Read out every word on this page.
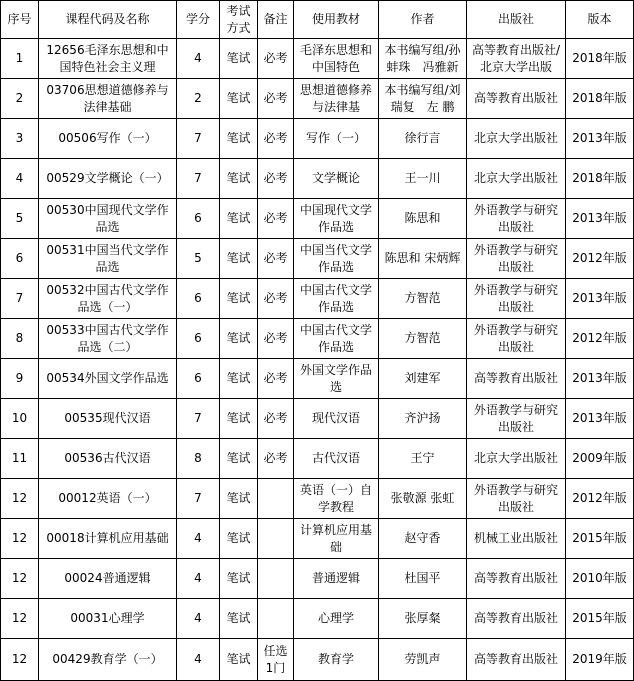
序号	课程代码及名称	学分	考试方式	备注	使用教材	作者	出版社	版本
1	12656毛泽东思想和中国特色社会主义理	4	笔试	必考	毛泽东思想和中国特色	本书编写组/孙蚌珠　冯雅新	高等教育出版社/北京大学出版	2018年版
2	03706思想道德修养与法律基础	2	笔试	必考	思想道德修养与法律基	本书编写组/刘瑞复　左 鹏	高等教育出版社	2018年版
3	00506写作（一）	7	笔试	必考	写作（一）	徐行言	北京大学出版社	2013年版
4	00529文学概论（一）	7	笔试	必考	文学概论	王一川	北京大学出版社	2018年版
5	00530中国现代文学作品选	6	笔试	必考	中国现代文学作品选	陈思和	外语教学与研究出版社	2013年版
6	00531中国当代文学作品选	5	笔试	必考	中国当代文学作品选	陈思和 宋炳辉	外语教学与研究出版社	2012年版
7	00532中国古代文学作品选（一）	6	笔试	必考	中国古代文学作品选	方智范	外语教学与研究出版社	2013年版
8	00533中国古代文学作品选（二）	6	笔试	必考	中国古代文学作品选	方智范	外语教学与研究出版社	2012年版
9	00534外国文学作品选	6	笔试	必考	外国文学作品选	刘建军	高等教育出版社	2013年版
10	00535现代汉语	7	笔试	必考	现代汉语	齐沪扬	外语教学与研究出版社	2013年版
11	00536古代汉语	8	笔试	必考	古代汉语	王宁	北京大学出版社	2009年版
12	00012英语（一）	7	笔试		英语（一）自学教程	张敬源 张虹	外语教学与研究出版社	2012年版
12	00018计算机应用基础	4	笔试		计算机应用基础	赵守香	机械工业出版社	2015年版
12	00024普通逻辑	4	笔试		普通逻辑	杜国平	高等教育出版社	2010年版
12	00031心理学	4	笔试		心理学	张厚粲	高等教育出版社	2015年版
12	00429教育学（一）	4	笔试	任选1门	教育学	劳凯声	高等教育出版社	2019年版
